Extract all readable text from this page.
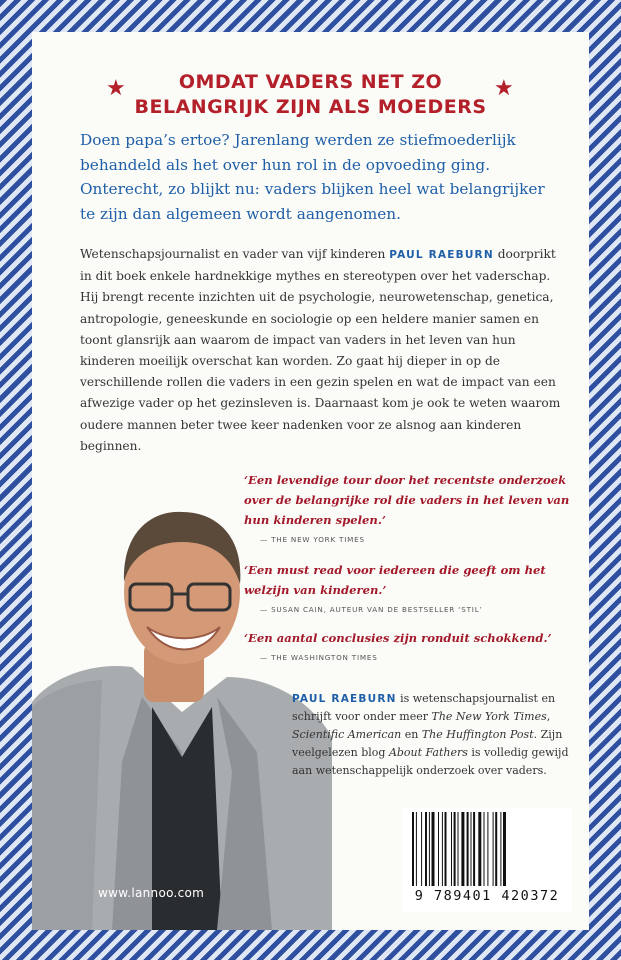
★	★
OMDAT VADERS NET ZO
BELANGRIJK ZIJN ALS MOEDERS
Doen papa’s ertoe? Jarenlang werden ze stiefmoederlijk behandeld als het over hun rol in de opvoeding ging. Onterecht, zo blijkt nu: vaders blijken heel wat belangrijker te zijn dan algemeen wordt aangenomen.
Wetenschapsjournalist en vader van vijf kinderen PAUL RAEBURN doorprikt in dit boek enkele hardnekkige mythes en stereotypen over het vaderschap. Hij brengt recente inzichten uit de psychologie, neurowetenschap, genetica, antropologie, geneeskunde en sociologie op een heldere manier samen en toont glansrijk aan waarom de impact van vaders in het leven van hun kinderen moeilijk overschat kan worden. Zo gaat hij dieper in op de verschillende rollen die vaders in een gezin spelen en wat de impact van een afwezige vader op het gezinsleven is. Daarnaast kom je ook te weten waarom oudere mannen beter twee keer nadenken voor ze alsnog aan kinderen beginnen.
‘Een levendige tour door het recentste onderzoek over de belangrijke rol die vaders in het leven van hun kinderen spelen.’
— THE NEW YORK TIMES
‘Een must read voor iedereen die geeft om het welzijn van kinderen.’
— SUSAN CAIN, AUTEUR VAN DE BESTSELLER ‘STIL’
‘Een aantal conclusies zijn ronduit schokkend.’
— THE WASHINGTON TIMES
PAUL RAEBURN is wetenschapsjournalist en schrijft voor onder meer The New York Times, Scientific American en The Huffington Post. Zijn veelgelezen blog About Fathers is volledig gewijd aan wetenschappelijk onderzoek over vaders.
www.lannoo.com	9 789401 420372
